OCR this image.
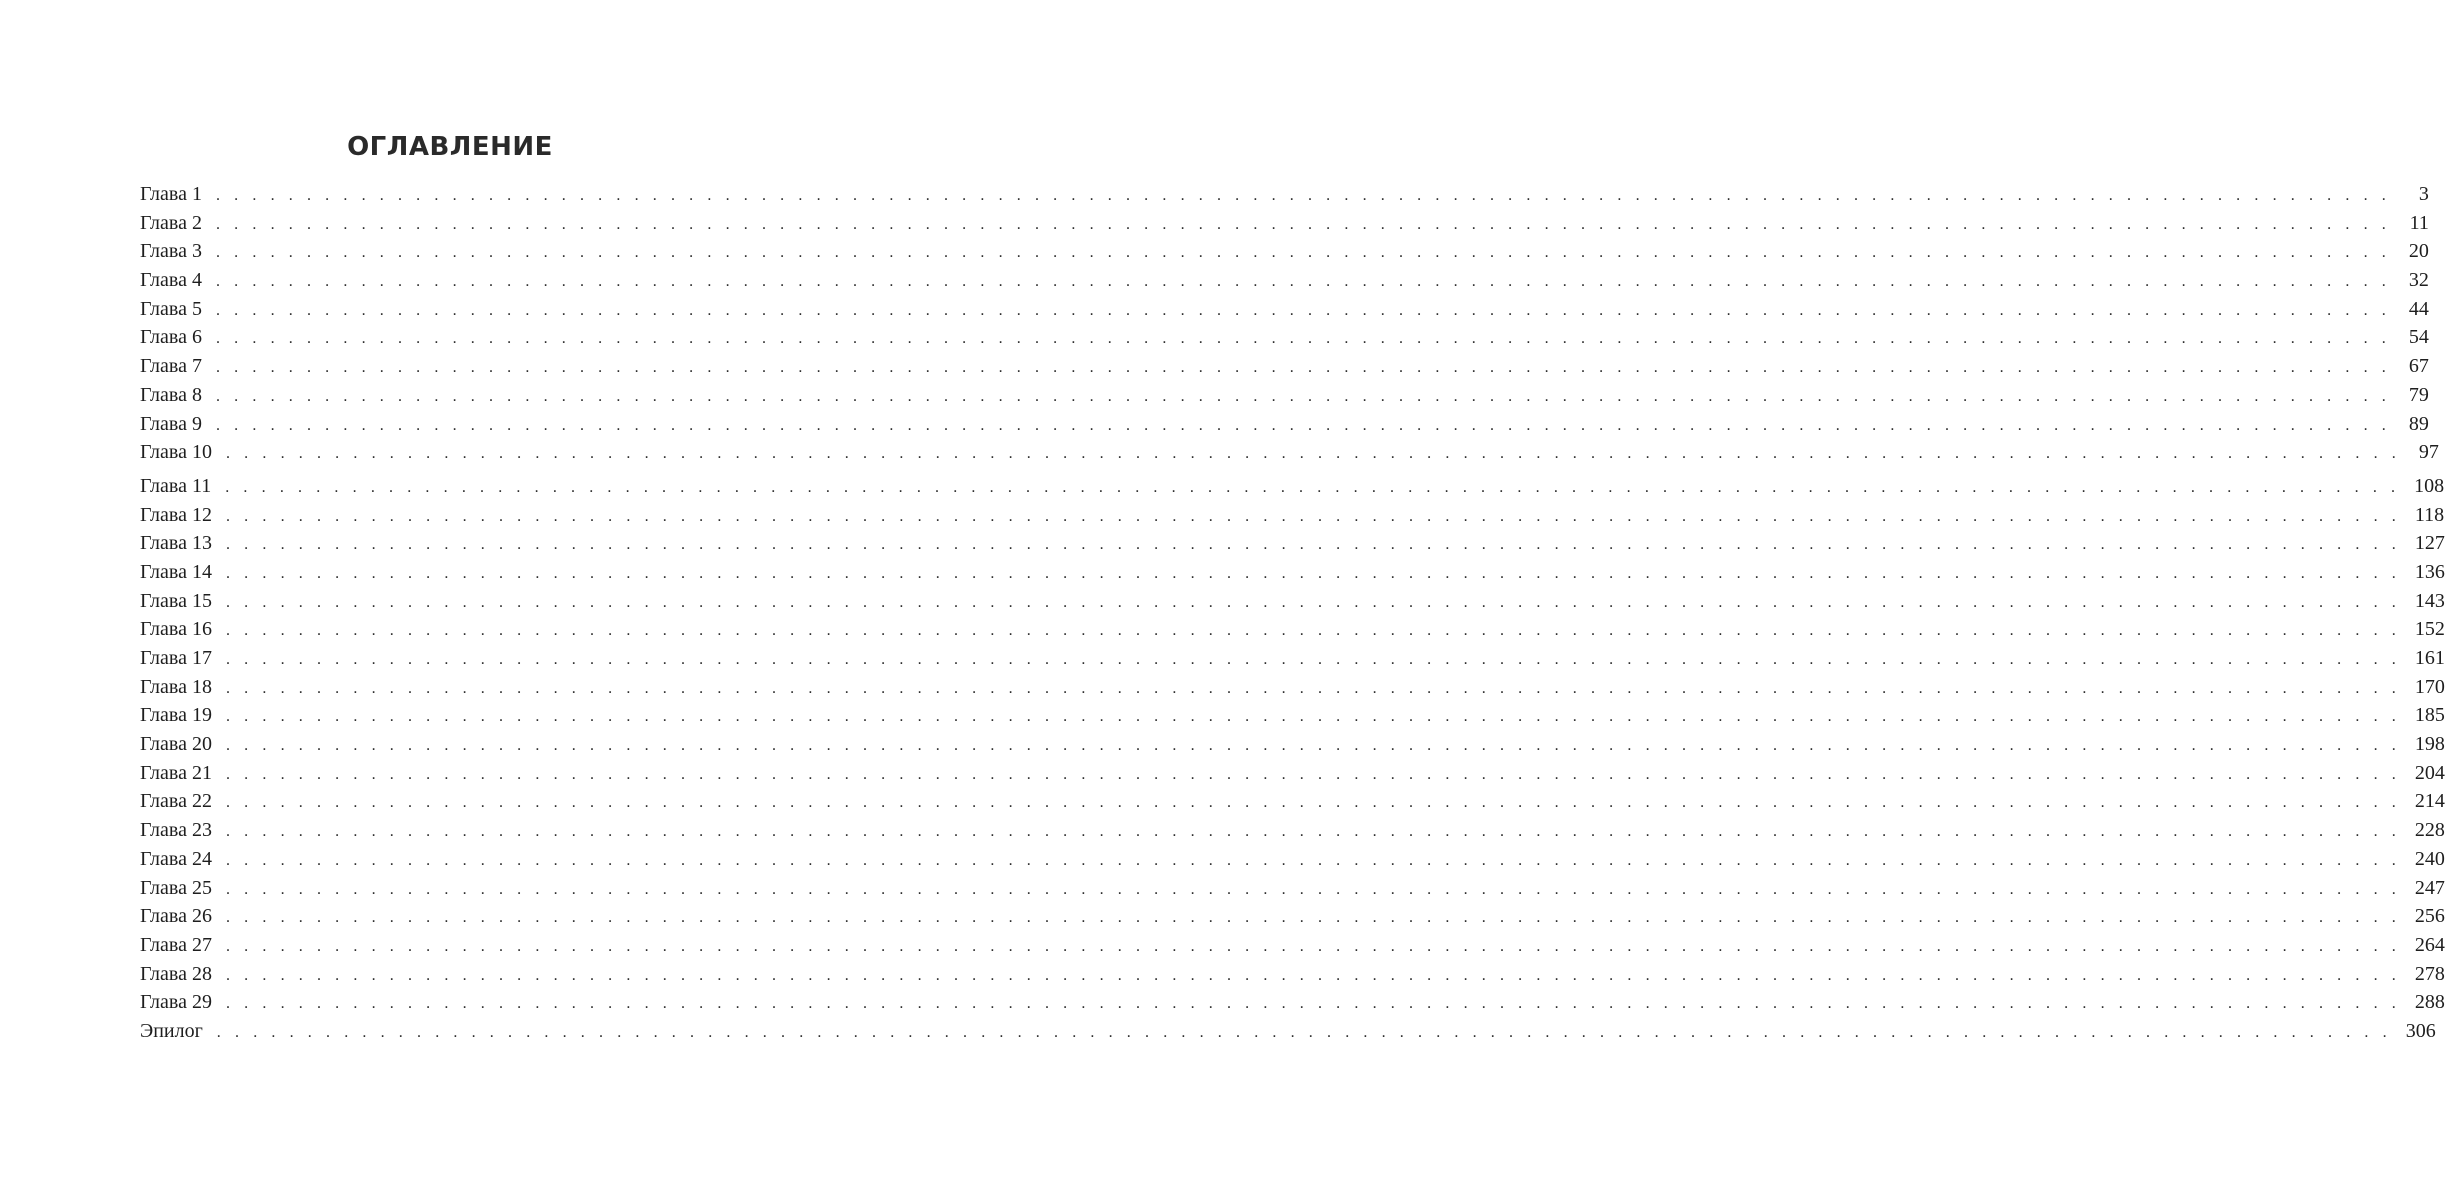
ОГЛАВЛЕНИЕ
Глава 1 . . . . . . . . . . . . . . . . . . . . . . . . . . . . . . . . . . . . . . . . . . . . . . . . . . . . . . . . . . . . . . . . . . . . . . . . . . . . . . . . . . . . . . . . . . . . . . . . . . . . . . . . . . . . . . . . . . . . . . . .	3
Глава 2 . . . . . . . . . . . . . . . . . . . . . . . . . . . . . . . . . . . . . . . . . . . . . . . . . . . . . . . . . . . . . . . . . . . . . . . . . . . . . . . . . . . . . . . . . . . . . . . . . . . . . . . . . . . . . . . . . . . . . . . . 11
Глава 3 . . . . . . . . . . . . . . . . . . . . . . . . . . . . . . . . . . . . . . . . . . . . . . . . . . . . . . . . . . . . . . . . . . . . . . . . . . . . . . . . . . . . . . . . . . . . . . . . . . . . . . . . . . . . . . . . . . . . . . . . 20
Глава 4 . . . . . . . . . . . . . . . . . . . . . . . . . . . . . . . . . . . . . . . . . . . . . . . . . . . . . . . . . . . . . . . . . . . . . . . . . . . . . . . . . . . . . . . . . . . . . . . . . . . . . . . . . . . . . . . . . . . . . . . . 32
Глава 5 . . . . . . . . . . . . . . . . . . . . . . . . . . . . . . . . . . . . . . . . . . . . . . . . . . . . . . . . . . . . . . . . . . . . . . . . . . . . . . . . . . . . . . . . . . . . . . . . . . . . . . . . . . . . . . . . . . . . . . . . 44
Глава 6 . . . . . . . . . . . . . . . . . . . . . . . . . . . . . . . . . . . . . . . . . . . . . . . . . . . . . . . . . . . . . . . . . . . . . . . . . . . . . . . . . . . . . . . . . . . . . . . . . . . . . . . . . . . . . . . . . . . . . . . . 54
Глава 7 . . . . . . . . . . . . . . . . . . . . . . . . . . . . . . . . . . . . . . . . . . . . . . . . . . . . . . . . . . . . . . . . . . . . . . . . . . . . . . . . . . . . . . . . . . . . . . . . . . . . . . . . . . . . . . . . . . . . . . . . 67
Глава 8 . . . . . . . . . . . . . . . . . . . . . . . . . . . . . . . . . . . . . . . . . . . . . . . . . . . . . . . . . . . . . . . . . . . . . . . . . . . . . . . . . . . . . . . . . . . . . . . . . . . . . . . . . . . . . . . . . . . . . . . . 79
Глава 9 . . . . . . . . . . . . . . . . . . . . . . . . . . . . . . . . . . . . . . . . . . . . . . . . . . . . . . . . . . . . . . . . . . . . . . . . . . . . . . . . . . . . . . . . . . . . . . . . . . . . . . . . . . . . . . . . . . . . . . . . 89
Глава 10 . . . . . . . . . . . . . . . . . . . . . . . . . . . . . . . . . . . . . . . . . . . . . . . . . . . . . . . . . . . . . . . . . . . . . . . . . . . . . . . . . . . . . . . . . . . . . . . . . . . . . . . . . . . . . . . . . . . . . . . . 97
Глава 11 . . . . . . . . . . . . . . . . . . . . . . . . . . . . . . . . . . . . . . . . . . . . . . . . . . . . . . . . . . . . . . . . . . . . . . . . . . . . . . . . . . . . . . . . . . . . . . . . . . . . . . . . . . . . . . . . . . . . . . . . 108
Глава 12 . . . . . . . . . . . . . . . . . . . . . . . . . . . . . . . . . . . . . . . . . . . . . . . . . . . . . . . . . . . . . . . . . . . . . . . . . . . . . . . . . . . . . . . . . . . . . . . . . . . . . . . . . . . . . . . . . . . . . . . . 118
Глава 13 . . . . . . . . . . . . . . . . . . . . . . . . . . . . . . . . . . . . . . . . . . . . . . . . . . . . . . . . . . . . . . . . . . . . . . . . . . . . . . . . . . . . . . . . . . . . . . . . . . . . . . . . . . . . . . . . . . . . . . . . 127
Глава 14 . . . . . . . . . . . . . . . . . . . . . . . . . . . . . . . . . . . . . . . . . . . . . . . . . . . . . . . . . . . . . . . . . . . . . . . . . . . . . . . . . . . . . . . . . . . . . . . . . . . . . . . . . . . . . . . . . . . . . . . . 136
Глава 15 . . . . . . . . . . . . . . . . . . . . . . . . . . . . . . . . . . . . . . . . . . . . . . . . . . . . . . . . . . . . . . . . . . . . . . . . . . . . . . . . . . . . . . . . . . . . . . . . . . . . . . . . . . . . . . . . . . . . . . . . 143
Глава 16 . . . . . . . . . . . . . . . . . . . . . . . . . . . . . . . . . . . . . . . . . . . . . . . . . . . . . . . . . . . . . . . . . . . . . . . . . . . . . . . . . . . . . . . . . . . . . . . . . . . . . . . . . . . . . . . . . . . . . . . . 152
Глава 17 . . . . . . . . . . . . . . . . . . . . . . . . . . . . . . . . . . . . . . . . . . . . . . . . . . . . . . . . . . . . . . . . . . . . . . . . . . . . . . . . . . . . . . . . . . . . . . . . . . . . . . . . . . . . . . . . . . . . . . . . 161
Глава 18 . . . . . . . . . . . . . . . . . . . . . . . . . . . . . . . . . . . . . . . . . . . . . . . . . . . . . . . . . . . . . . . . . . . . . . . . . . . . . . . . . . . . . . . . . . . . . . . . . . . . . . . . . . . . . . . . . . . . . . . . 170
Глава 19 . . . . . . . . . . . . . . . . . . . . . . . . . . . . . . . . . . . . . . . . . . . . . . . . . . . . . . . . . . . . . . . . . . . . . . . . . . . . . . . . . . . . . . . . . . . . . . . . . . . . . . . . . . . . . . . . . . . . . . . . 185
Глава 20 . . . . . . . . . . . . . . . . . . . . . . . . . . . . . . . . . . . . . . . . . . . . . . . . . . . . . . . . . . . . . . . . . . . . . . . . . . . . . . . . . . . . . . . . . . . . . . . . . . . . . . . . . . . . . . . . . . . . . . . . 198
Глава 21 . . . . . . . . . . . . . . . . . . . . . . . . . . . . . . . . . . . . . . . . . . . . . . . . . . . . . . . . . . . . . . . . . . . . . . . . . . . . . . . . . . . . . . . . . . . . . . . . . . . . . . . . . . . . . . . . . . . . . . . . 204
Глава 22 . . . . . . . . . . . . . . . . . . . . . . . . . . . . . . . . . . . . . . . . . . . . . . . . . . . . . . . . . . . . . . . . . . . . . . . . . . . . . . . . . . . . . . . . . . . . . . . . . . . . . . . . . . . . . . . . . . . . . . . . 214
Глава 23 . . . . . . . . . . . . . . . . . . . . . . . . . . . . . . . . . . . . . . . . . . . . . . . . . . . . . . . . . . . . . . . . . . . . . . . . . . . . . . . . . . . . . . . . . . . . . . . . . . . . . . . . . . . . . . . . . . . . . . . . 228
Глава 24 . . . . . . . . . . . . . . . . . . . . . . . . . . . . . . . . . . . . . . . . . . . . . . . . . . . . . . . . . . . . . . . . . . . . . . . . . . . . . . . . . . . . . . . . . . . . . . . . . . . . . . . . . . . . . . . . . . . . . . . . 240
Глава 25 . . . . . . . . . . . . . . . . . . . . . . . . . . . . . . . . . . . . . . . . . . . . . . . . . . . . . . . . . . . . . . . . . . . . . . . . . . . . . . . . . . . . . . . . . . . . . . . . . . . . . . . . . . . . . . . . . . . . . . . . 247
Глава 26 . . . . . . . . . . . . . . . . . . . . . . . . . . . . . . . . . . . . . . . . . . . . . . . . . . . . . . . . . . . . . . . . . . . . . . . . . . . . . . . . . . . . . . . . . . . . . . . . . . . . . . . . . . . . . . . . . . . . . . . . 256
Глава 27 . . . . . . . . . . . . . . . . . . . . . . . . . . . . . . . . . . . . . . . . . . . . . . . . . . . . . . . . . . . . . . . . . . . . . . . . . . . . . . . . . . . . . . . . . . . . . . . . . . . . . . . . . . . . . . . . . . . . . . . . 264
Глава 28 . . . . . . . . . . . . . . . . . . . . . . . . . . . . . . . . . . . . . . . . . . . . . . . . . . . . . . . . . . . . . . . . . . . . . . . . . . . . . . . . . . . . . . . . . . . . . . . . . . . . . . . . . . . . . . . . . . . . . . . . 278
Глава 29 . . . . . . . . . . . . . . . . . . . . . . . . . . . . . . . . . . . . . . . . . . . . . . . . . . . . . . . . . . . . . . . . . . . . . . . . . . . . . . . . . . . . . . . . . . . . . . . . . . . . . . . . . . . . . . . . . . . . . . . . 288
Эпилог . . . . . . . . . . . . . . . . . . . . . . . . . . . . . . . . . . . . . . . . . . . . . . . . . . . . . . . . . . . . . . . . . . . . . . . . . . . . . . . . . . . . . . . . . . . . . . . . . . . . . . . . . . . . . . . . . . . . . . . . 306
